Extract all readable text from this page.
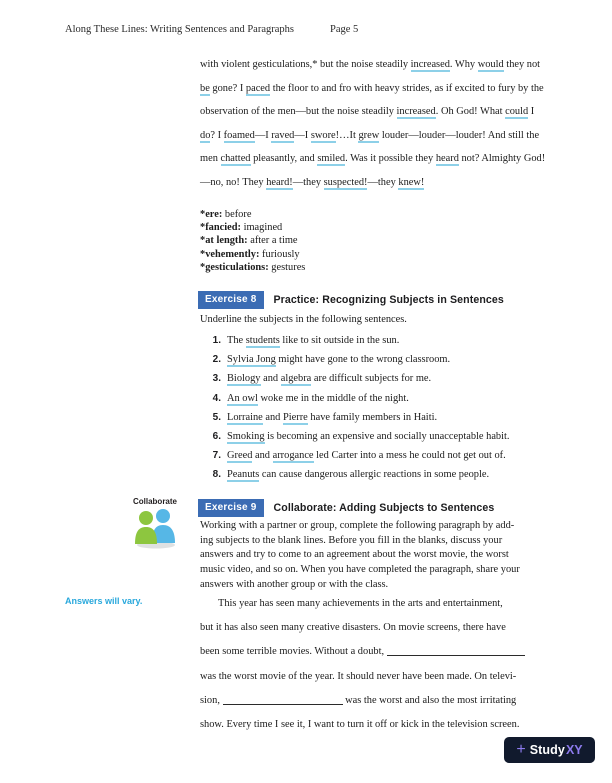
Along These Lines: Writing Sentences and Paragraphs	Page 5
with violent gesticulations,* but the noise steadily increased. Why would they not
be gone? I paced the floor to and fro with heavy strides, as if excited to fury by the
observation of the men—but the noise steadily increased. Oh God! What could I
do? I foamed—I raved—I swore!…It grew louder—louder—louder! And still the
men chatted pleasantly, and smiled. Was it possible they heard not? Almighty God!
—no, no! They heard!—they suspected!—they knew!
*ere: before
*fancied: imagined
*at length: after a time
*vehemently: furiously
*gesticulations: gestures
Exercise 8	Practice: Recognizing Subjects in Sentences
Underline the subjects in the following sentences.
1. The students like to sit outside in the sun.
2. Sylvia Jong might have gone to the wrong classroom.
3. Biology and algebra are difficult subjects for me.
4. An owl woke me in the middle of the night.
5. Lorraine and Pierre have family members in Haiti.
6. Smoking is becoming an expensive and socially unacceptable habit.
7. Greed and arrogance led Carter into a mess he could not get out of.
8. Peanuts can cause dangerous allergic reactions in some people.
Collaborate
Exercise 9	Collaborate: Adding Subjects to Sentences
Working with a partner or group, complete the following paragraph by add-
ing subjects to the blank lines. Before you fill in the blanks, discuss your
answers and try to come to an agreement about the worst movie, the worst
music video, and so on. When you have completed the paragraph, share your
answers with another group or with the class.
Answers will vary.	This year has seen many achievements in the arts and entertainment,
but it has also seen many creative disasters. On movie screens, there have
been some terrible movies. Without a doubt,
was the worst movie of the year. It should never have been made. On televi-
sion,	was the worst and also the most irritating
show. Every time I see it, I want to turn it off or kick in the television screen.
+ Study XY
